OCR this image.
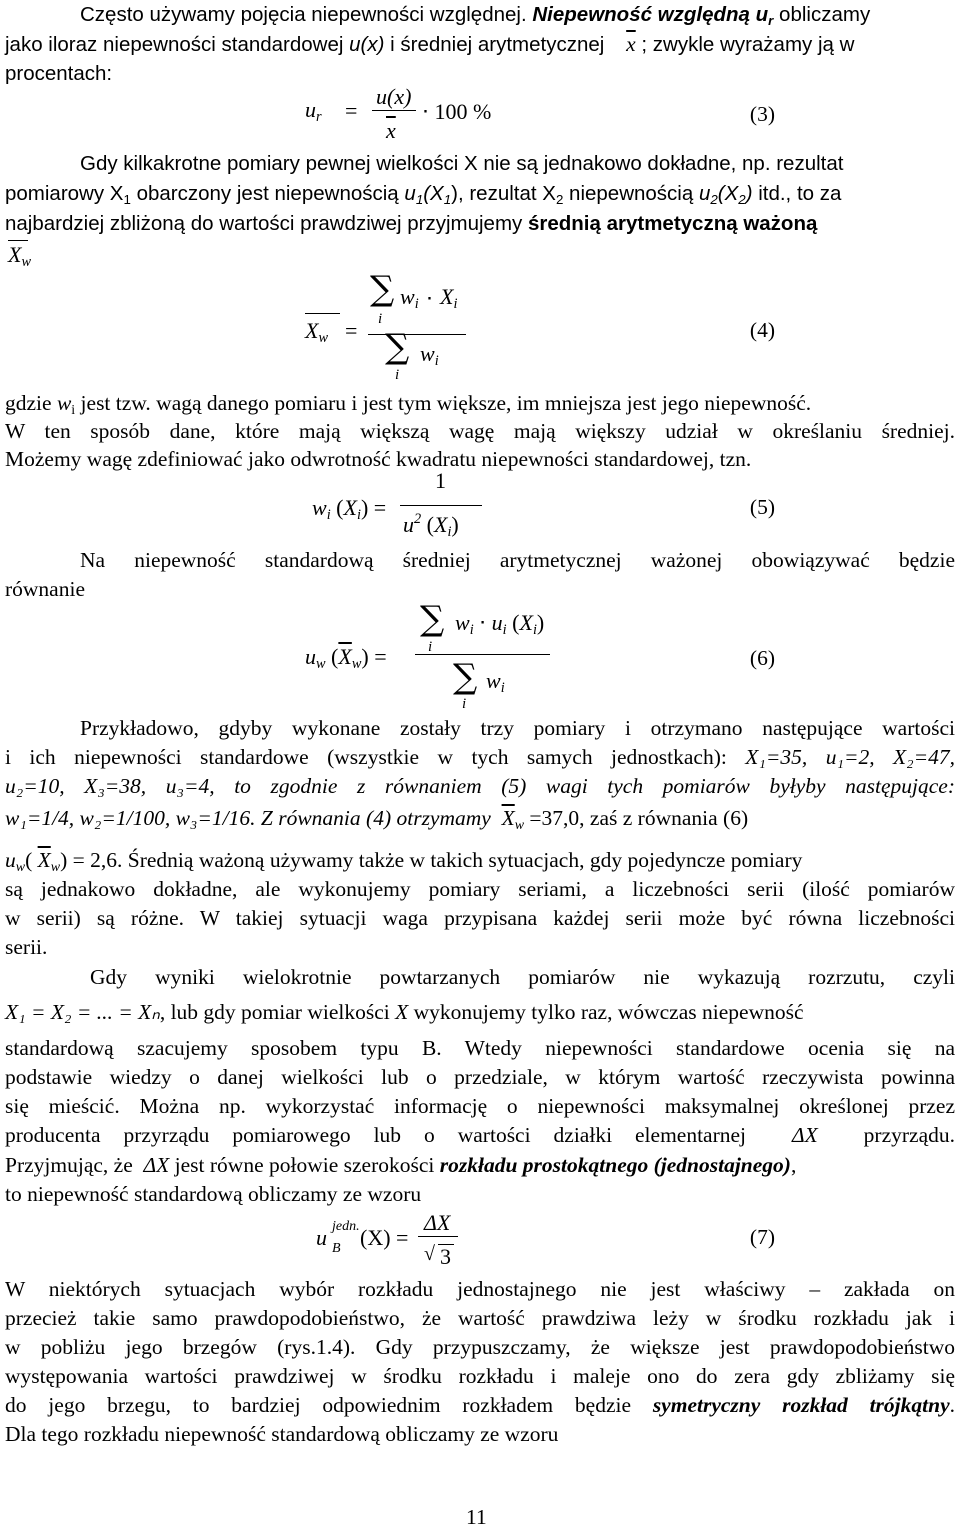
Często używamy pojęcia niepewności względnej. Niepewność względną $u_r$ obliczamy
jako iloraz niepewności standardowej u(x) i średniej arytmetycznej    $\overline{x}$ ; zwykle wyrażamy ją w
procentach:
$u_r$ =
u(x)
$\overline{x}$
⋅ 100 %	(3)
Gdy kilkakrotne pomiary pewnej wielkości X nie są jednakowo dokładne, np. rezultat
pomiarowy $X_1$ obarczony jest niepewnością $u_1(X_1)$, rezultat $X_2$ niepewnością $u_2(X_2)$ itd., to za
najbardziej zbliżoną do wartości prawdziwej przyjmujemy średnią arytmetyczną ważoną
$X_w$
∑ $w_i \cdot X_i$
i
$X_w$ = ∑ $w_i$
i
(4)
gdzie $w_i$ jest tzw. wagą danego pomiaru i jest tym większe, im mniejsza jest jego niepewność.
W ten sposób dane, które mają większą wagę mają większy udział w określaniu średniej.
Możemy wagę zdefiniować jako odwrotność kwadratu niepewności standardowej, tzn.
1
$w_i$ $(X_i)$ =
$u^2$ $(X_i)$
(5)
Na niepewność standardową średniej arytmetycznej ważonej obowiązywać będzie
równanie
∑ $w_i \cdot u_i$ $(X_i)$
i
$u_w$ $(\overline{X}_w)$ =
∑ $w_i$
i
(6)
Przykładowo, gdyby wykonane zostały trzy pomiary i otrzymano następujące wartości
i ich niepewności standardowe (wszystkie w tych samych jednostkach): X₁=35, u₁=2, X₂=47,
u₂=10, X₃=38, u₃=4, to zgodnie z równaniem (5) wagi tych pomiarów byłyby następujące:
w₁=1/4, w₂=1/100, w₃=1/16. Z równania (4) otrzymamy  $\overline{X}_w =37,0$, zaś z równania (6)
$u_w$( $\overline{X}_w) = 2,6$. Średnią ważoną używamy także w takich sytuacjach, gdy pojedyncze pomiary
są jednakowo dokładne, ale wykonujemy pomiary seriami, a liczebności serii (ilość pomiarów
w serii) są różne. W takiej sytuacji waga przypisana każdej serii może być równa liczebności
serii.
Gdy wyniki wielokrotnie powtarzanych pomiarów nie wykazują rozrzutu, czyli
X₁ = X₂ = ... = Xₙ, lub gdy pomiar wielkości X wykonujemy tylko raz, wówczas niepewność
standardową szacujemy sposobem typu B. Wtedy niepewności standardowe ocenia się na
podstawie wiedzy o danej wielkości lub o przedziale, w którym wartość rzeczywista powinna
się mieścić. Można np. wykorzystać informację o niepewności maksymalnej określonej przez
producenta przyrządu pomiarowego lub o wartości działki elementarnej  ΔX  przyrządu.
Przyjmując, że  ΔX jest równe połowie szerokości rozkładu prostokątnego (jednostajnego),
to niepewność standardową obliczamy ze wzoru
ΔX
u jedn.
B (X) =
√ 3
(7)
W niektórych sytuacjach wybór rozkładu jednostajnego nie jest właściwy – zakłada on
przecież takie samo prawdopodobieństwo, że wartość prawdziwa leży w środku rozkładu jak i
w pobliżu jego brzegów (rys.1.4). Gdy przypuszczamy, że większe jest prawdopodobieństwo
występowania wartości prawdziwej w środku rozkładu i maleje ono do zera gdy zbliżamy się
do jego brzegu, to bardziej odpowiednim rozkładem będzie symetryczny rozkład trójkątny.
Dla tego rozkładu niepewność standardową obliczamy ze wzoru
11
